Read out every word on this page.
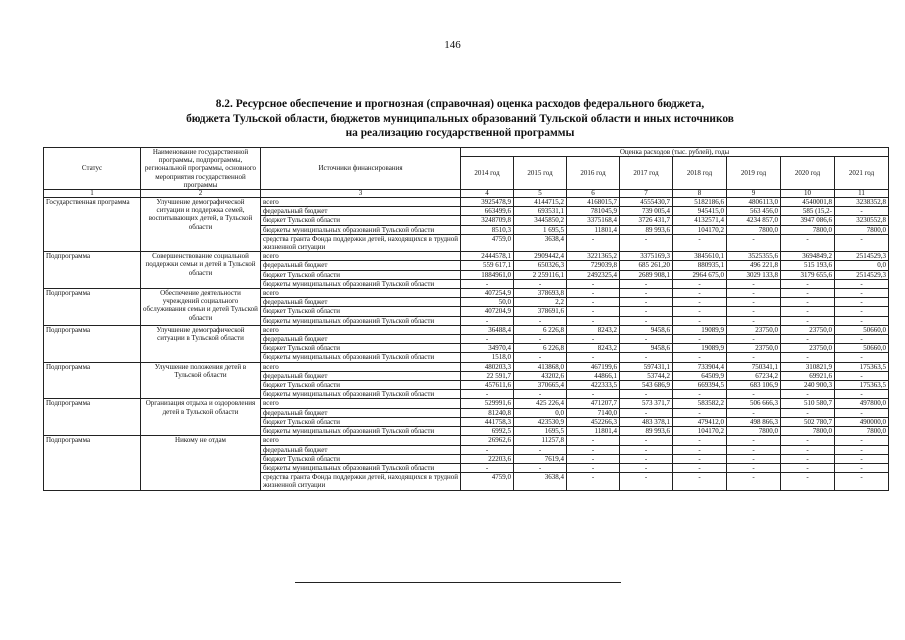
146
8.2. Ресурсное обеспечение и прогнозная (справочная) оценка расходов федерального бюджета,
бюджета Тульской области, бюджетов муниципальных образований Тульской области и иных источников
на реализацию государственной программы
Статус	Наименование государственной программы, подпрограммы, региональной программы, основного мероприятия государственной программы	Источники финансирования	Оценка расходов (тыс. рублей), годы							
			2014 год	2015 год	2016 год	2017 год	2018 год	2019 год	2020 год	2021 год
1	2	3	4	5	6	7	8	9	10	11
Государственная программа	Улучшение демографической ситуации и поддержка семей, воспитывающих детей, в Тульской области	всего	3925478,9	4144715,2	4168015,7	4555430,7	5182186,6	4806113,0	4540001,8	3238352,8
		федеральный бюджет	663499,6	693531,1	781045,9	739 005,4	945415,0	563 456,0	585 (15,2-	-
		бюджет Тульской области	3248709,8	3445850,2	3375168,4	3726 431,7	4132571,4	4234 857,0	3947 086,6	3230552,8
		бюджеты муниципальных образований Тульской области	8510,3	1 695,5	11801,4	89 993,6	104170,2	7800,0	7800,0	7800,0
		средства гранта Фонда поддержки детей, находящихся в трудной жизненной ситуации	4759,0	3638,4	-	-	-	-	-	-
Подпрограмма	Совершенствование социальной поддержки семьи и детей в Тульской области	всего	2444578,1	2909442,4	3221365,2	3375169,3	3845610,1	3525355,6	3694849,2	2514529,3
		федеральный бюджет	559 617,1	650326,3	729039,8	685 261,20	880935,1	496 221,8	515 193,6	0,0
		бюджет Тульской области	1884961,0	2 259116,1	2492325,4	2689 908,1	2964 675,0	3029 133,8	3179 655,6	2514529,3
		бюджеты муниципальных образований Тульской области	-	-	-	-	-	-	-	-
Подпрограмма	Обеспечение деятельности учреждений социального обслуживания семьи и детей Тульской области	всего	407254,9	378693,8	-	-	-	-	-	-
		федеральный бюджет	50,0	2,2	-	-	-	-	-	-
		бюджет Тульской области	407204,9	378691,6	-	-	-	-	-	-
		бюджеты муниципальных образований Тульской области	-	-	-	-	-	-	-	-
Подпрограмма	Улучшение демографической ситуации в Тульской области	всего	36488,4	6 226,8	8243,2	9458,6	19089,9	23750,0	23750,0	50660,0
		федеральный бюджет	-	-	-	-	-	-	-	-
		бюджет Тульской области	34970,4	6 226,8	8243,2	9458,6	19089,9	23750,0	23750,0	50660,0
		бюджеты муниципальных образований Тульской области	1518,0	-	-	-	-	-	-	-
Подпрограмма	Улучшение положения детей в Тульской области	всего	480203,3	413868,0	467199,6	597431,1	733904,4	750341,1	310821,9	175363,5
		федеральный бюджет	22 591,7	43202,6	44866,1	53744,2	64509,9	67234,2	69921,6	-
		бюджет Тульской области	457611,6	370665,4	422333,5	543 686,9	669394,5	683 106,9	240 900,3	175363,5
		бюджеты муниципальных образований Тульской области	-	-	-	-	-	-	-	-
Подпрограмма	Организация отдыха и оздоровления детей в Тульской области	всего	529991,6	425 226,4	471207,7	573 371,7	583582,2	506 666,3	510 580,7	497800,0
		федеральный бюджет	81240,8	0,0	7140,0	-	-	-	-	-
		бюджет Тульской области	441758,3	423530,9	452266,3	483 378,1	479412,0	498 866,3	502 780,7	490000,0
		бюджеты муниципальных образований Тульской области	6992,5	1695,5	11801,4	89 993,6	104170,2	7800,0	7800,0	7800,0
Подпрограмма	Никому не отдам	всего	26962,6	11257,8	-	-	-	-	-	-
		федеральный бюджет	-	-	-	-	-	-	-	-
		бюджет Тульской области	22203,6	7619,4	-	-	-	-	-	-
		бюджеты муниципальных образований Тульской области	-	-	-	-	-	-	-	-
		средства гранта Фонда поддержки детей, находящихся в трудной жизненной ситуации	4759,0	3638,4	-	-	-	-	-	-
